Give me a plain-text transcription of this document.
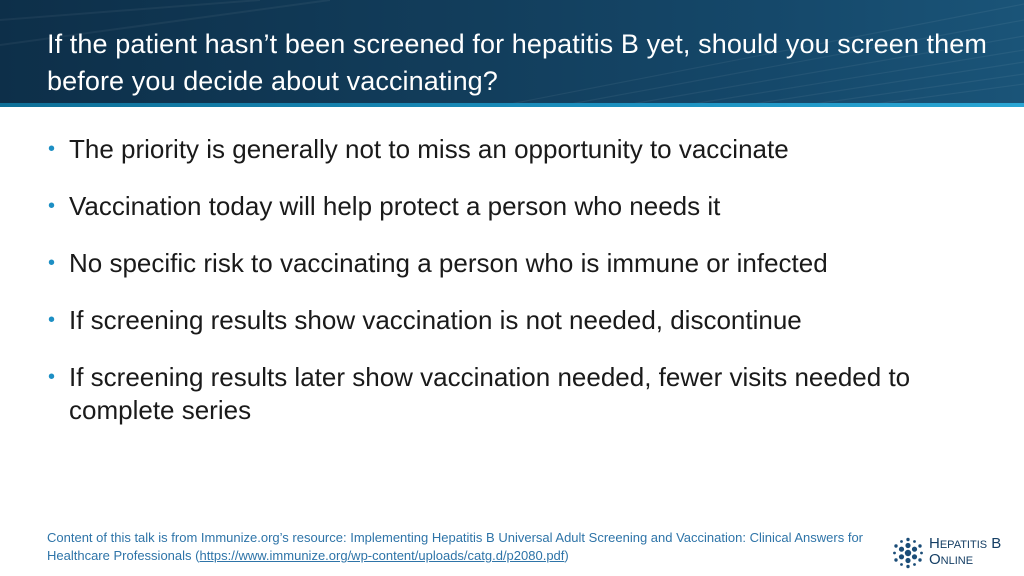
If the patient hasn’t been screened for hepatitis B yet, should you screen them before you decide about vaccinating?
• The priority is generally not to miss an opportunity to vaccinate
• Vaccination today will help protect a person who needs it
• No specific risk to vaccinating a person who is immune or infected
• If screening results show vaccination is not needed, discontinue
• If screening results later show vaccination needed, fewer visits needed to complete series
Content of this talk is from Immunize.org’s resource: Implementing Hepatitis B Universal Adult Screening and Vaccination: Clinical Answers for Healthcare Professionals (https://www.immunize.org/wp-content/uploads/catg.d/p2080.pdf)
Hepatitis B
Online
